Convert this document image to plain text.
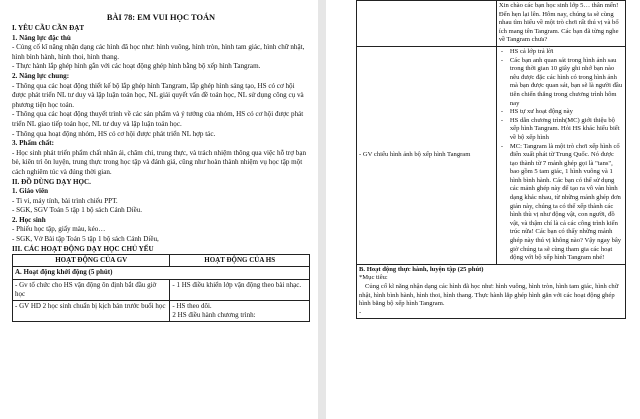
BÀI 78: EM VUI HỌC TOÁN

I. YÊU CẦU CẦN ĐẠT

1. Năng lực đặc thù

- Củng cố kĩ năng nhận dạng các hình đã học như: hình vuông, hình tròn, hình tam giác, hình chữ nhật, hình bình hành, hình thoi, hình thang.

- Thực hành lắp ghép hình gắn với các hoạt động ghép hình bằng bộ xếp hình Tangram.

2. Năng lực chung:

- Thông qua các hoạt động thiết kế bộ lắp ghép hình Tangram, lắp ghép hình sáng tạo, HS có cơ hội được phát triển NL tư duy và lập luận toán học, NL giải quyết vấn đề toán học, NL sử dụng công cụ và phương tiện học toán.

- Thông qua các hoạt động thuyết trình về các sản phẩm và ý tưởng của nhóm, HS có cơ hội được phát triển NL giao tiếp toán học, NL tư duy và lập luận toán học.

- Thông qua hoạt động nhóm, HS có cơ hội được phát triển NL hợp tác.

3. Phẩm chất:

- Học sinh phát triển phẩm chất nhân ái, chăm chỉ, trung thực, và trách nhiệm thông qua việc hỗ trợ bạn bè, kiên trì ôn luyện, trung thực trong học tập và đánh giá, cũng như hoàn thành nhiệm vụ học tập một cách nghiêm túc và đúng thời gian.

II. ĐỒ DÙNG DẠY HỌC.

1. Giáo viên

- Ti vi, máy tính, bài trình chiếu PPT.

- SGK, SGV Toán 5 tập 1 bộ sách Cánh Diều.

2. Học sinh

- Phiếu học tập, giấy màu, kéo…

- SGK, Vở Bài tập Toán 5 tập 1 bộ sách Cánh Diều,

III. CÁC HOẠT ĐỘNG DẠY HỌC CHỦ YẾU

HOẠT ĐỘNG CỦA GV	HOẠT ĐỘNG CỦA HS
A. Hoạt động khởi động (5 phút)	
- Gv tổ chức cho HS vận động ôn định bắt đầu giờ học	- 1 HS điều khiển lớp vận động theo bài nhạc.
- GV HD 2 học sinh chuẩn bị kịch bản trước buổi học	- HS theo dõi.
2 HS điều hành chương trình:
	Xin chào các bạn học sinh lớp 5… thân mến! Đến hẹn lại lên. Hôm nay, chúng ta sẽ cùng nhau tìm hiểu về một trò chơi rất thú vị và bổ ích mang tên Tangram. Các bạn đã từng nghe về Tangram chưa?
- GV chiếu hình ảnh bộ xếp hình Tangram	- HS cả lớp trả lời

- Các bạn anh quan sát trong hình ảnh sau trong thời gian 10 giây ghi nhớ bạn nào nêu được đặc các hình có trong hình ảnh mà bạn được quan sát, bạn sẽ là người đầu tiên chiến thắng trong chương trình hôm nay

- HS tự xư hoạt động này

- HS dẫn chương trình(MC) giới thiệu bộ xếp hình Tangram. Hỏi HS khác hiểu biết về bộ xếp hình

- MC: Tangram là một trò chơi xếp hình cổ điển xuất phát từ Trung Quốc. Nó được tạo thành từ 7 mảnh ghép gọi là "tans", bao gồm 5 tam giác, 1 hình vuông và 1 hình bình hành. Các bạn có thể sử dụng các mảnh ghép này để tạo ra vô vàn hình dạng khác nhau, từ những mảnh ghép đơn giản này, chúng ta có thể xếp thành các hình thù vị như động vật, con người, đồ vật, và thậm chí là cả các công trình kiến trúc nữa! Các bạn có thấy những mảnh ghép này thú vị không nào? Vậy ngay bây giờ chúng ta sẽ cùng tham gia các hoạt động với bộ xếp hình Tangram nhé!

B. Hoạt động thực hành, luyện tập (25 phút)
*Mục tiêu:
Củng cố kĩ năng nhận dạng các hình đã học như: hình vuông, hình tròn, hình tam giác, hình chữ nhật, hình bình hành, hình thoi, hình thang. Thực hành lắp ghép hình gắn với các hoạt động ghép hình bằng bộ xếp hình Tangram.
-	
